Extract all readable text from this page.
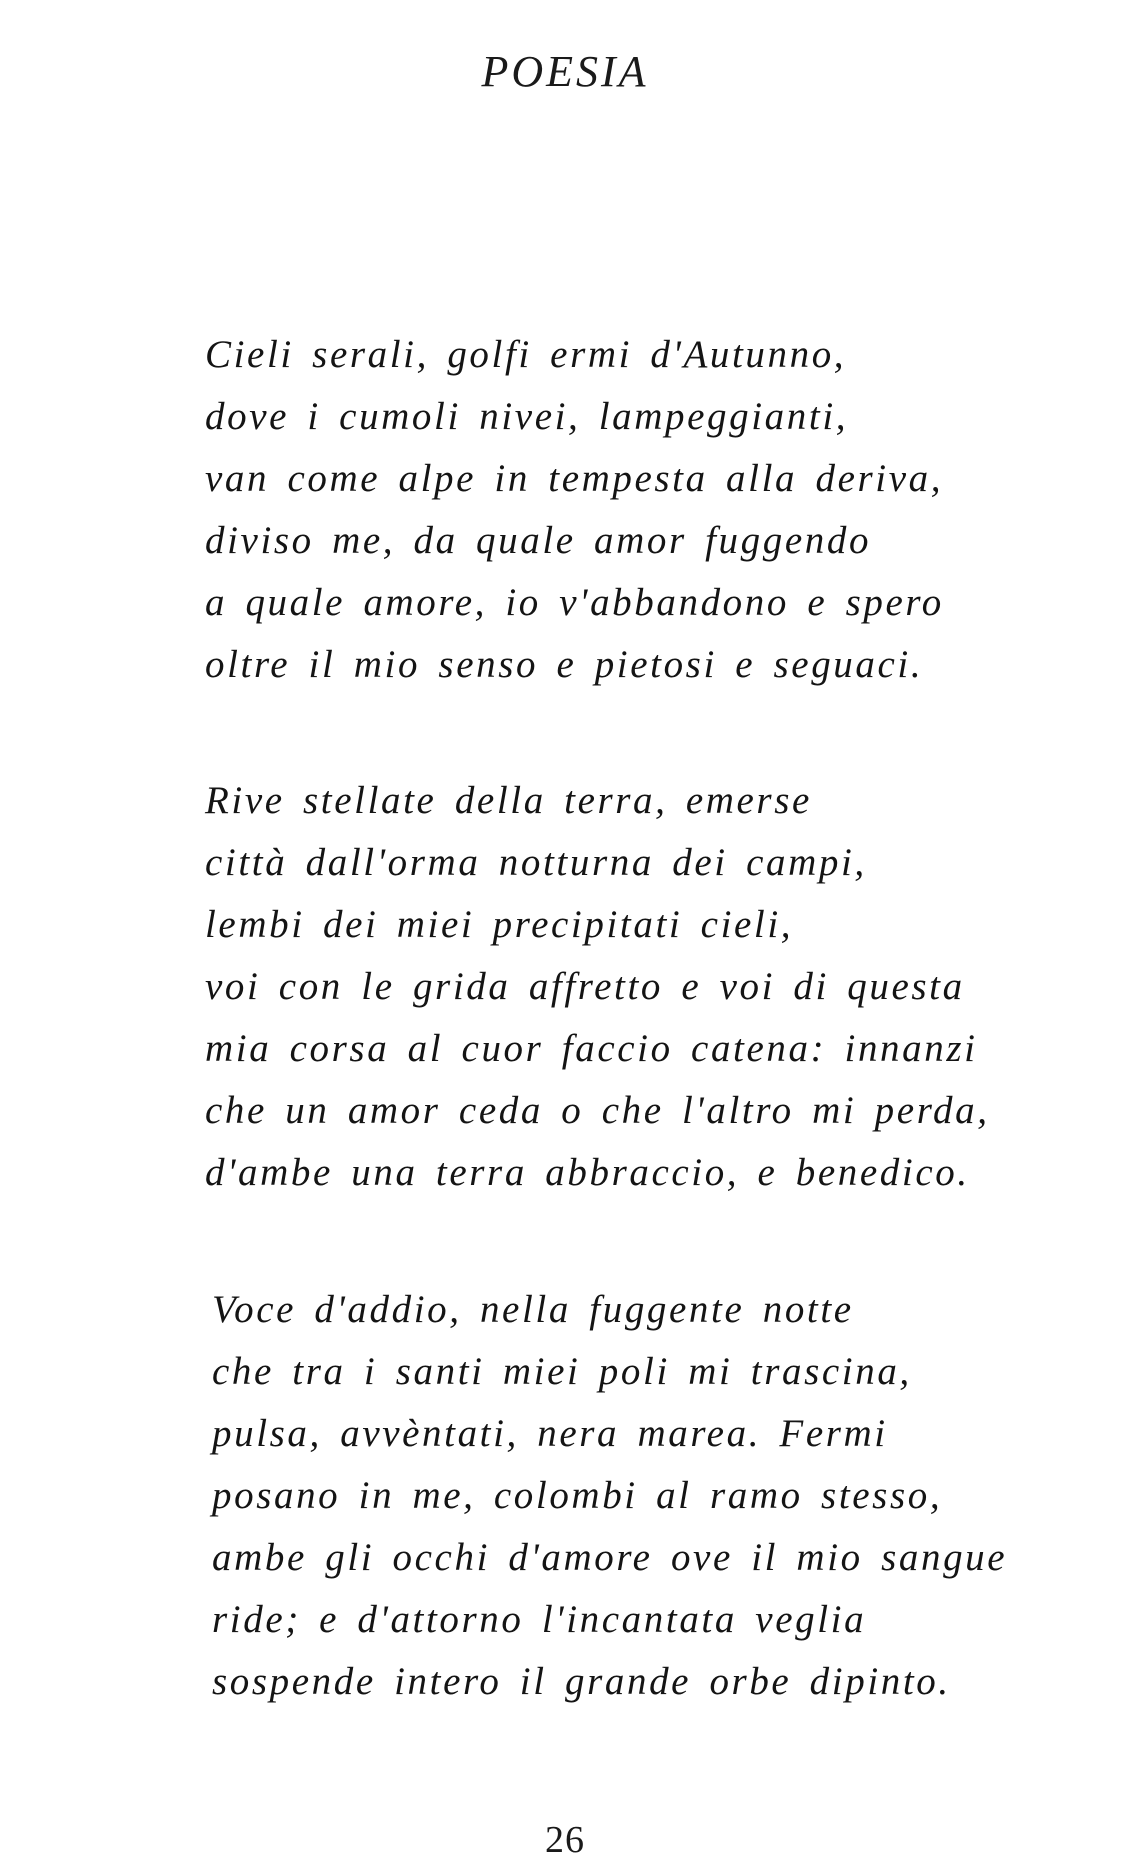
POESIA
Cieli serali, golfi ermi d'Autunno,
dove i cumoli nivei, lampeggianti,
van come alpe in tempesta alla deriva,
diviso me, da quale amor fuggendo
a quale amore, io v'abbandono e spero
oltre il mio senso e pietosi e seguaci.
Rive stellate della terra, emerse
città dall'orma notturna dei campi,
lembi dei miei precipitati cieli,
voi con le grida affretto e voi di questa
mia corsa al cuor faccio catena: innanzi
che un amor ceda o che l'altro mi perda,
d'ambe una terra abbraccio, e benedico.
Voce d'addio, nella fuggente notte
che tra i santi miei poli mi trascina,
pulsa, avvèntati, nera marea. Fermi
posano in me, colombi al ramo stesso,
ambe gli occhi d'amore ove il mio sangue
ride; e d'attorno l'incantata veglia
sospende intero il grande orbe dipinto.
26
